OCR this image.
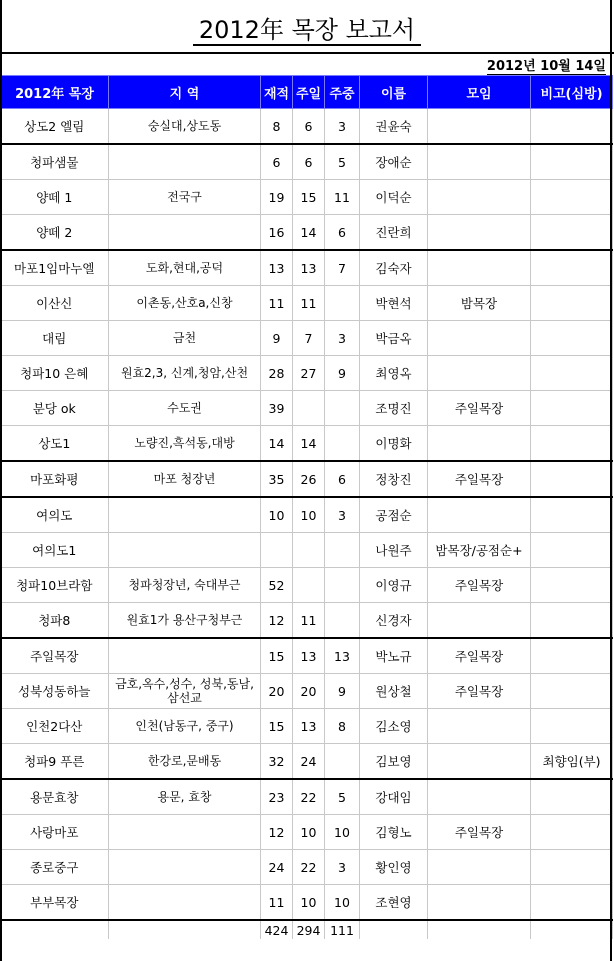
2012年 목장 보고서
2012년 10월 14일
2012年 목장	지 역	재적	주일	주중	이름	모임	비고(심방)
상도2 엘림	숭실대,상도동	8	6	3	권윤숙		
청파샘물		6	6	5	장애순		
양떼 1	전국구	19	15	11	이덕순		
양떼 2		16	14	6	진란희		
마포1임마누엘	도화,현대,공덕	13	13	7	김숙자		
이산신	이촌동,산호a,신창	11	11		박현석	밤목장	
대림	금천	9	7	3	박금옥		
청파10 은혜	원효2,3, 신계,청암,산천	28	27	9	최영옥		
분당 ok	수도권	39			조명진	주일목장	
상도1	노량진,흑석동,대방	14	14		이명화		
마포화평	마포 청장년	35	26	6	정창진	주일목장	
여의도		10	10	3	공점순		
여의도1					나원주	밤목장/공점순+	
청파10브라함	청파청장년, 숙대부근	52			이영규	주일목장	
청파8	원효1가 용산구청부근	12	11		신경자		
주일목장		15	13	13	박노규	주일목장	
성북성동하늘	금호,옥수,성수, 성북,동남,삼선교	20	20	9	원상철	주일목장	
인천2다산	인천(남동구, 중구)	15	13	8	김소영		
청파9 푸른	한강로,문배동	32	24		김보영		최향임(부)
용문효창	용문, 효창	23	22	5	강대임		
사랑마포		12	10	10	김형노	주일목장	
종로중구		24	22	3	황인영		
부부목장		11	10	10	조현영		
		424	294	111			
